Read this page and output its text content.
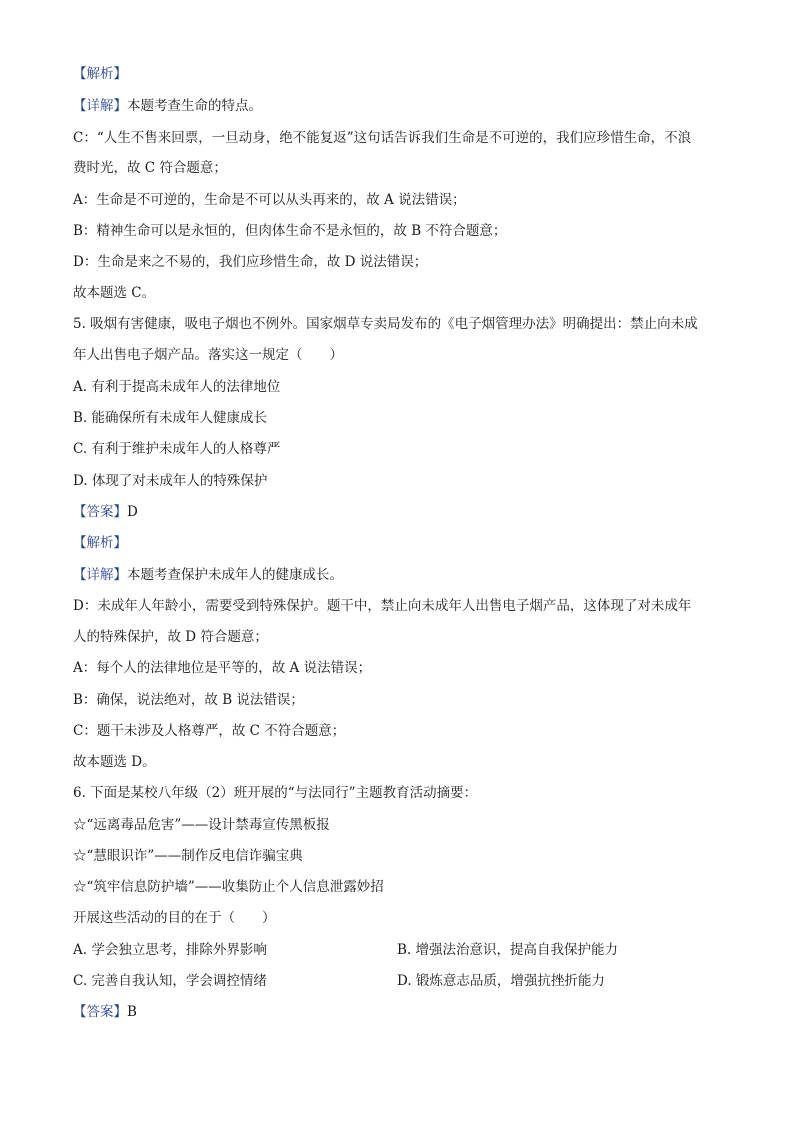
【解析】
【详解】本题考查生命的特点。
C：“人生不售来回票，一旦动身，绝不能复返”这句话告诉我们生命是不可逆的，我们应珍惜生命，不浪
费时光，故 C 符合题意；
A：生命是不可逆的，生命是不可以从头再来的，故 A 说法错误；
B：精神生命可以是永恒的，但肉体生命不是永恒的，故 B 不符合题意；
D：生命是来之不易的，我们应珍惜生命，故 D 说法错误；
故本题选 C。
5. 吸烟有害健康，吸电子烟也不例外。国家烟草专卖局发布的《电子烟管理办法》明确提出：禁止向未成
年人出售电子烟产品。落实这一规定（　　）
A. 有利于提高未成年人的法律地位
B. 能确保所有未成年人健康成长
C. 有利于维护未成年人的人格尊严
D. 体现了对未成年人的特殊保护
【答案】D
【解析】
【详解】本题考查保护未成年人的健康成长。
D：未成年人年龄小，需要受到特殊保护。题干中，禁止向未成年人出售电子烟产品，这体现了对未成年
人的特殊保护，故 D 符合题意；
A：每个人的法律地位是平等的，故 A 说法错误；
B：确保，说法绝对，故 B 说法错误；
C：题干未涉及人格尊严，故 C 不符合题意；
故本题选 D。
6. 下面是某校八年级（2）班开展的“与法同行”主题教育活动摘要：
☆“远离毒品危害”——设计禁毒宣传黑板报
☆“慧眼识诈”——制作反电信诈骗宝典
☆“筑牢信息防护墙”——收集防止个人信息泄露妙招
开展这些活动的目的在于（　　）
A. 学会独立思考，排除外界影响	B. 增强法治意识，提高自我保护能力
C. 完善自我认知，学会调控情绪	D. 锻炼意志品质，增强抗挫折能力
【答案】B
